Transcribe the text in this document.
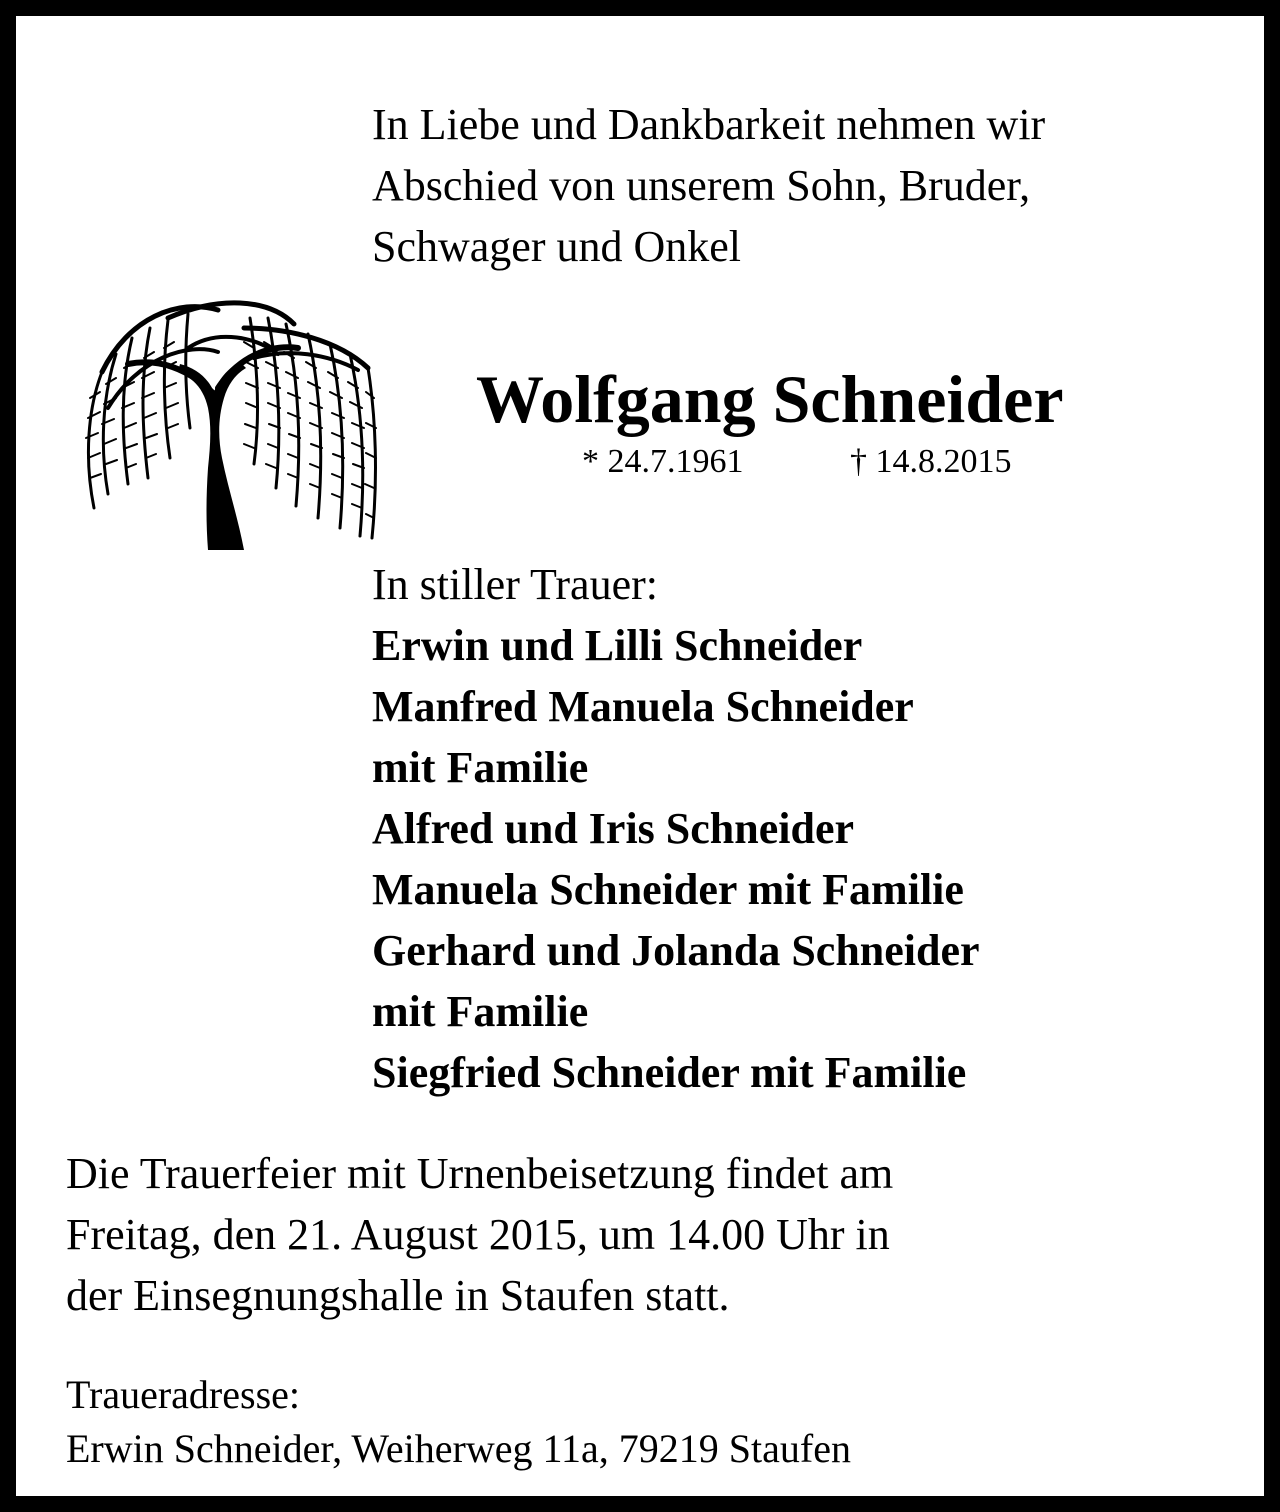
In Liebe und Dankbarkeit nehmen wir
Abschied von unserem Sohn, Bruder,
Schwager und Onkel
Wolfgang Schneider
* 24.7.1961	† 14.8.2015
In stiller Trauer:
Erwin und Lilli Schneider
Manfred Manuela Schneider
mit Familie
Alfred und Iris Schneider
Manuela Schneider mit Familie
Gerhard und Jolanda Schneider
mit Familie
Siegfried Schneider mit Familie
Die Trauerfeier mit Urnenbeisetzung findet am
Freitag, den 21. August 2015, um 14.00 Uhr in
der Einsegnungshalle in Staufen statt.
Traueradresse:
Erwin Schneider, Weiherweg 11a, 79219 Staufen
